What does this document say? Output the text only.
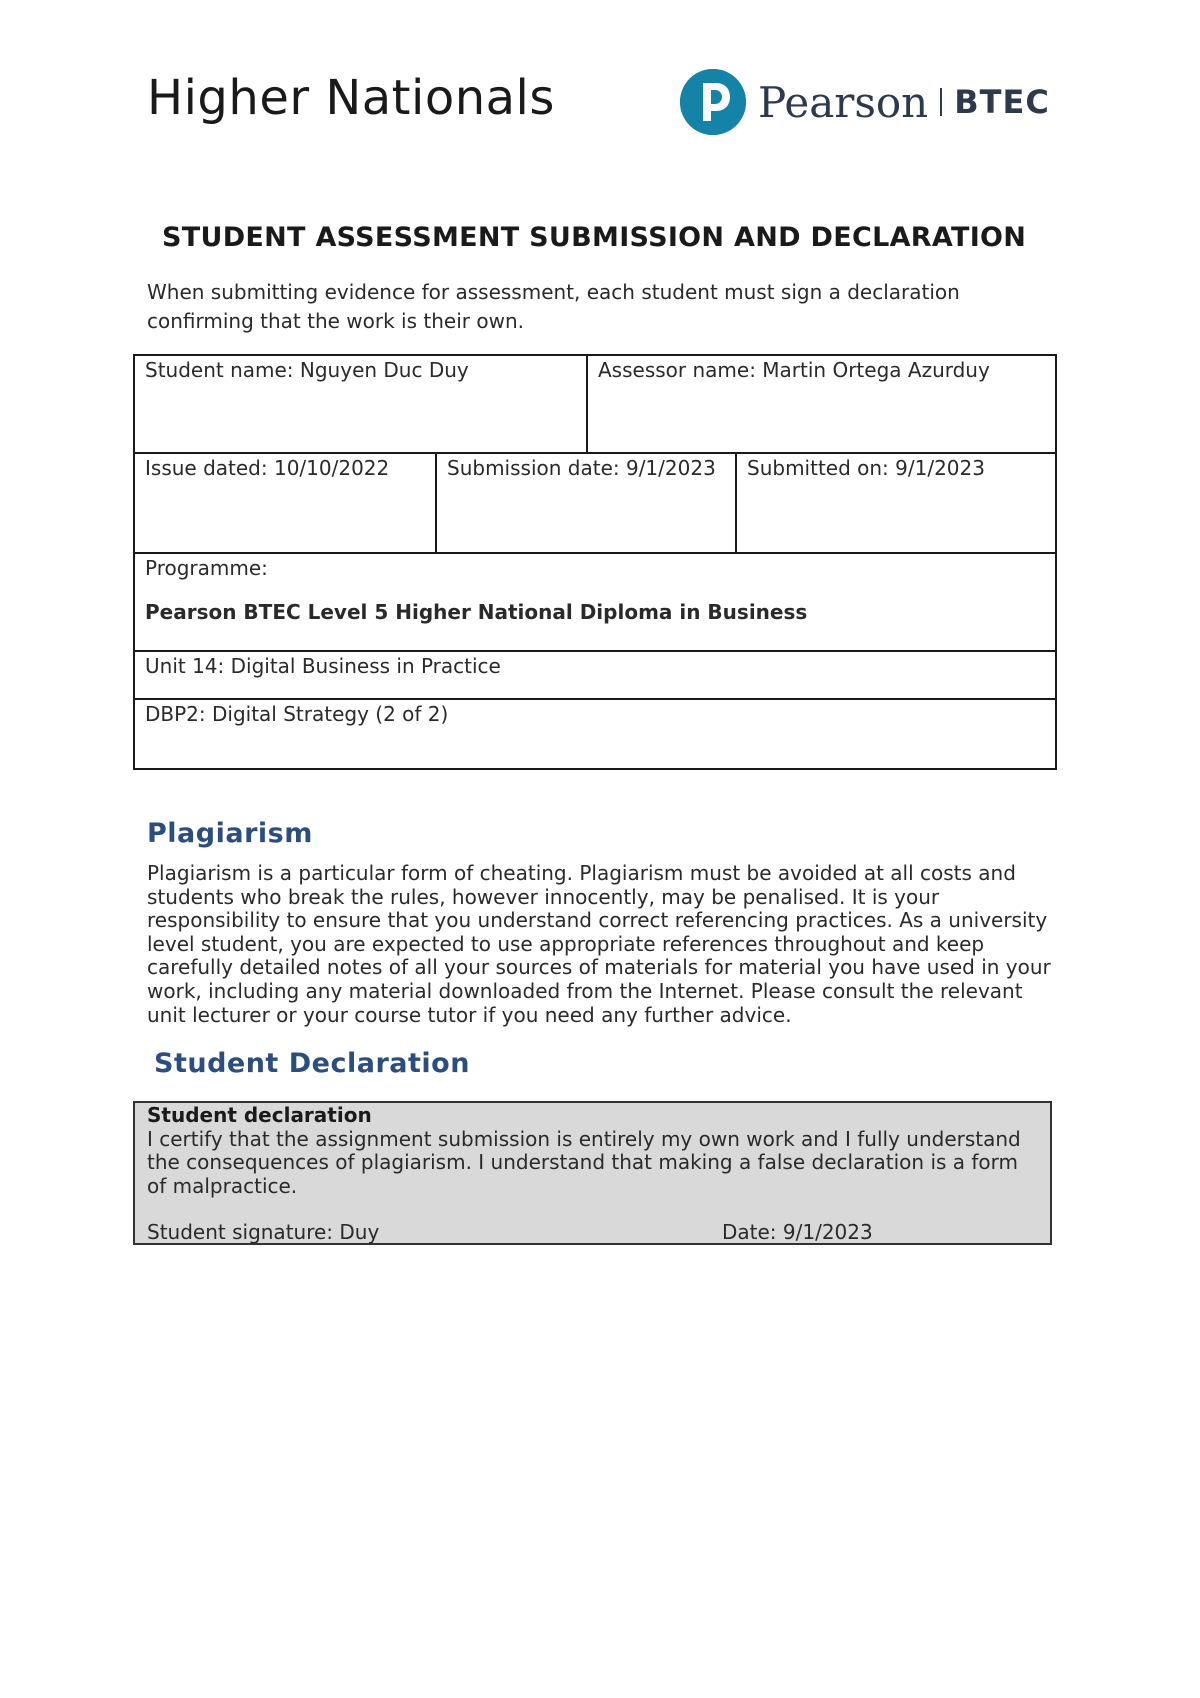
Higher Nationals	Pearson BTEC
STUDENT ASSESSMENT SUBMISSION AND DECLARATION
When submitting evidence for assessment, each student must sign a declaration confirming that the work is their own.
Student name: Nguyen Duc Duy	Assessor name: Martin Ortega Azurduy
Issue dated: 10/10/2022	Submission date: 9/1/2023	Submitted on: 9/1/2023
Programme:
Pearson BTEC Level 5 Higher National Diploma in Business
Unit 14: Digital Business in Practice
DBP2: Digital Strategy (2 of 2)
Plagiarism
Plagiarism is a particular form of cheating. Plagiarism must be avoided at all costs and students who break the rules, however innocently, may be penalised. It is your responsibility to ensure that you understand correct referencing practices. As a university level student, you are expected to use appropriate references throughout and keep carefully detailed notes of all your sources of materials for material you have used in your work, including any material downloaded from the Internet. Please consult the relevant unit lecturer or your course tutor if you need any further advice.
Student Declaration
Student declaration
I certify that the assignment submission is entirely my own work and I fully understand the consequences of plagiarism. I understand that making a false declaration is a form of malpractice.
Student signature: Duy	Date: 9/1/2023
